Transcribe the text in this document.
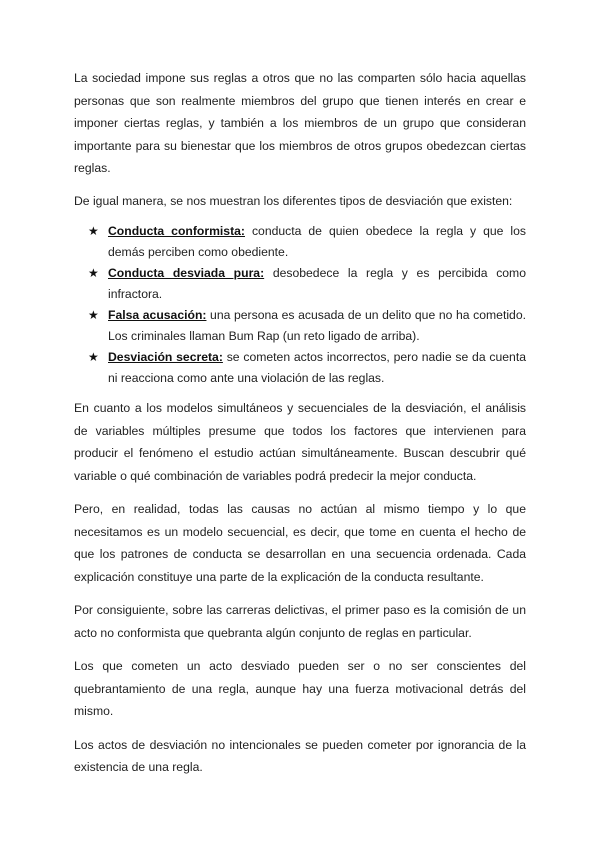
La sociedad impone sus reglas a otros que no las comparten sólo hacia aquellas personas que son realmente miembros del grupo que tienen interés en crear e imponer ciertas reglas, y también a los miembros de un grupo que consideran importante para su bienestar que los miembros de otros grupos obedezcan ciertas reglas.

De igual manera, se nos muestran los diferentes tipos de desviación que existen:

★ Conducta conformista: conducta de quien obedece la regla y que los demás perciben como obediente.
★ Conducta desviada pura: desobedece la regla y es percibida como infractora.
★ Falsa acusación: una persona es acusada de un delito que no ha cometido. Los criminales llaman Bum Rap (un reto ligado de arriba).
★ Desviación secreta: se cometen actos incorrectos, pero nadie se da cuenta ni reacciona como ante una violación de las reglas.

En cuanto a los modelos simultáneos y secuenciales de la desviación, el análisis de variables múltiples presume que todos los factores que intervienen para producir el fenómeno el estudio actúan simultáneamente. Buscan descubrir qué variable o qué combinación de variables podrá predecir la mejor conducta.

Pero, en realidad, todas las causas no actúan al mismo tiempo y lo que necesitamos es un modelo secuencial, es decir, que tome en cuenta el hecho de que los patrones de conducta se desarrollan en una secuencia ordenada. Cada explicación constituye una parte de la explicación de la conducta resultante.

Por consiguiente, sobre las carreras delictivas, el primer paso es la comisión de un acto no conformista que quebranta algún conjunto de reglas en particular.

Los que cometen un acto desviado pueden ser o no ser conscientes del quebrantamiento de una regla, aunque hay una fuerza motivacional detrás del mismo.

Los actos de desviación no intencionales se pueden cometer por ignorancia de la existencia de una regla.
